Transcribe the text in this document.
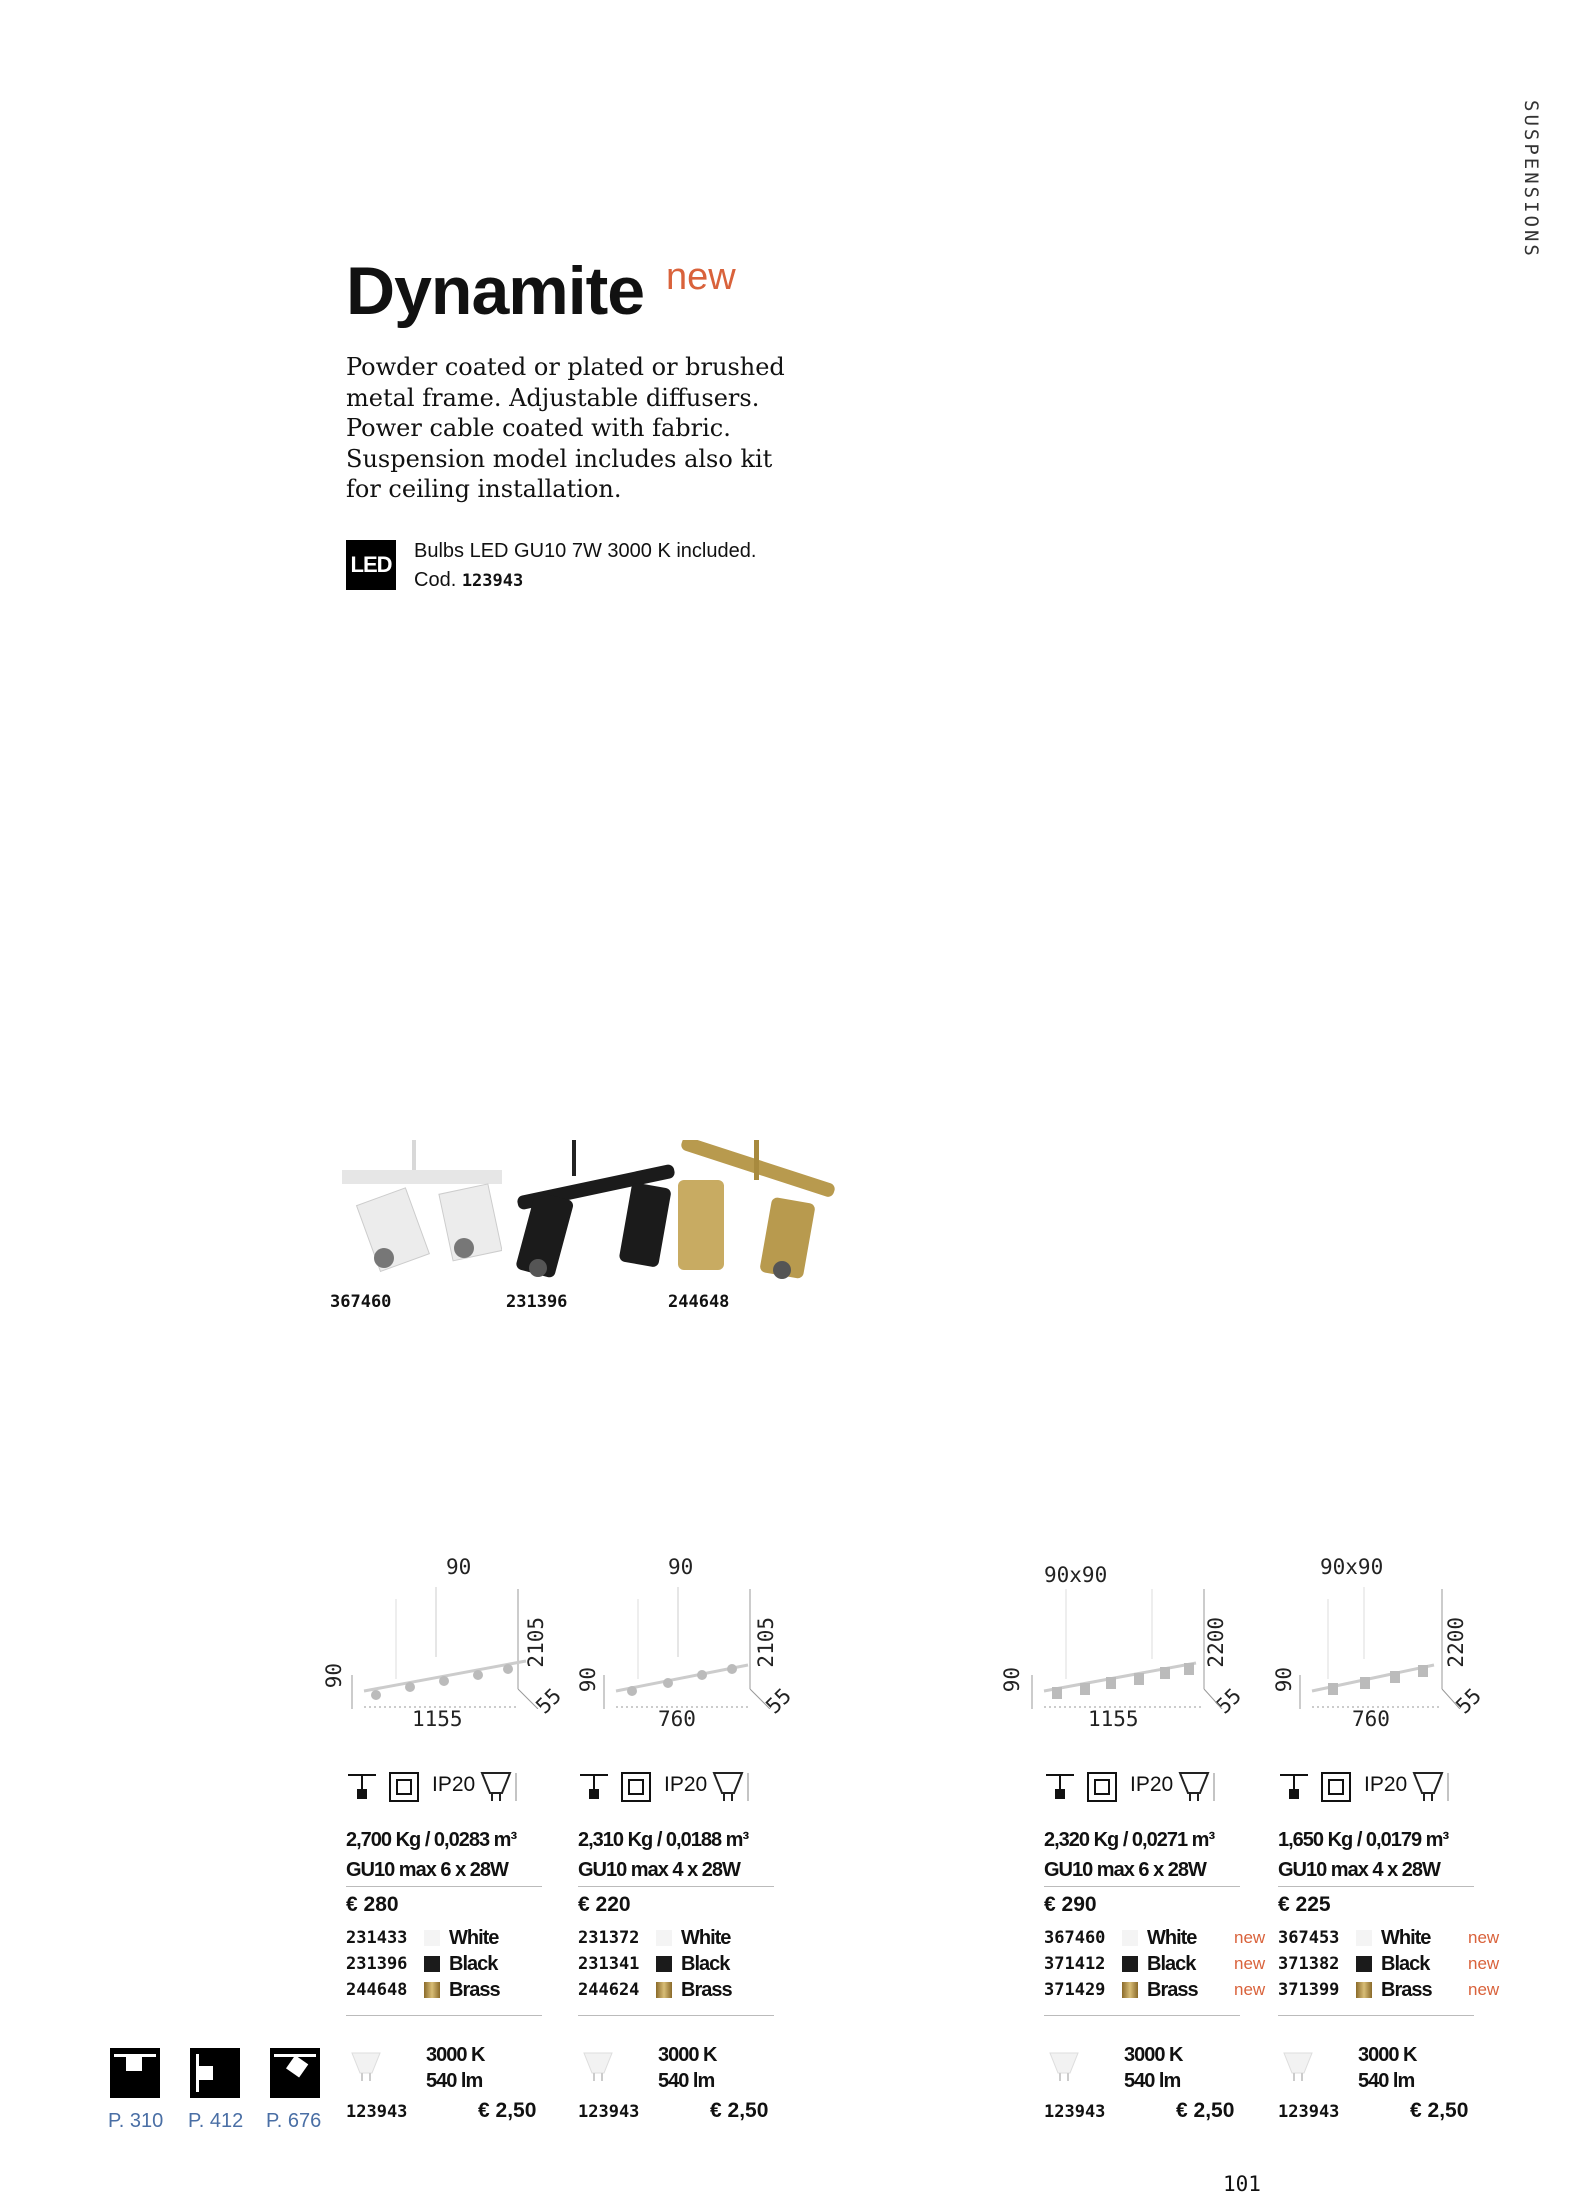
SUSPENSIONS
Dynamite new
Powder coated or plated or brushed metal frame. Adjustable diffusers. Power cable coated with fabric. Suspension model includes also kit for ceiling installation.
LED
Bulbs LED GU10 7W 3000 K included.
Cod. 123943
367460	231396	244648
90
90
2105
1155
55
IP20
2,700 Kg / 0,0283 m³
GU10 max 6 x 28W
€ 280
231433	White
231396	Black
244648	Brass
3000 K
540 lm
123943	€ 2,50
90
90
2105
760
55
IP20
2,310 Kg / 0,0188 m³
GU10 max 4 x 28W
€ 220
231372	White
231341	Black
244624	Brass
3000 K
540 lm
123943	€ 2,50
90x90
90
2200
1155
55
IP20
2,320 Kg / 0,0271 m³
GU10 max 6 x 28W
€ 290
367460	White new
371412	Black new
371429	Brass new
3000 K
540 lm
123943	€ 2,50
90x90
90
2200
760
55
IP20
1,650 Kg / 0,0179 m³
GU10 max 4 x 28W
€ 225
367453	White new
371382	Black new
371399	Brass new
3000 K
540 lm
123943	€ 2,50
P. 310 P. 412 P. 676
101
